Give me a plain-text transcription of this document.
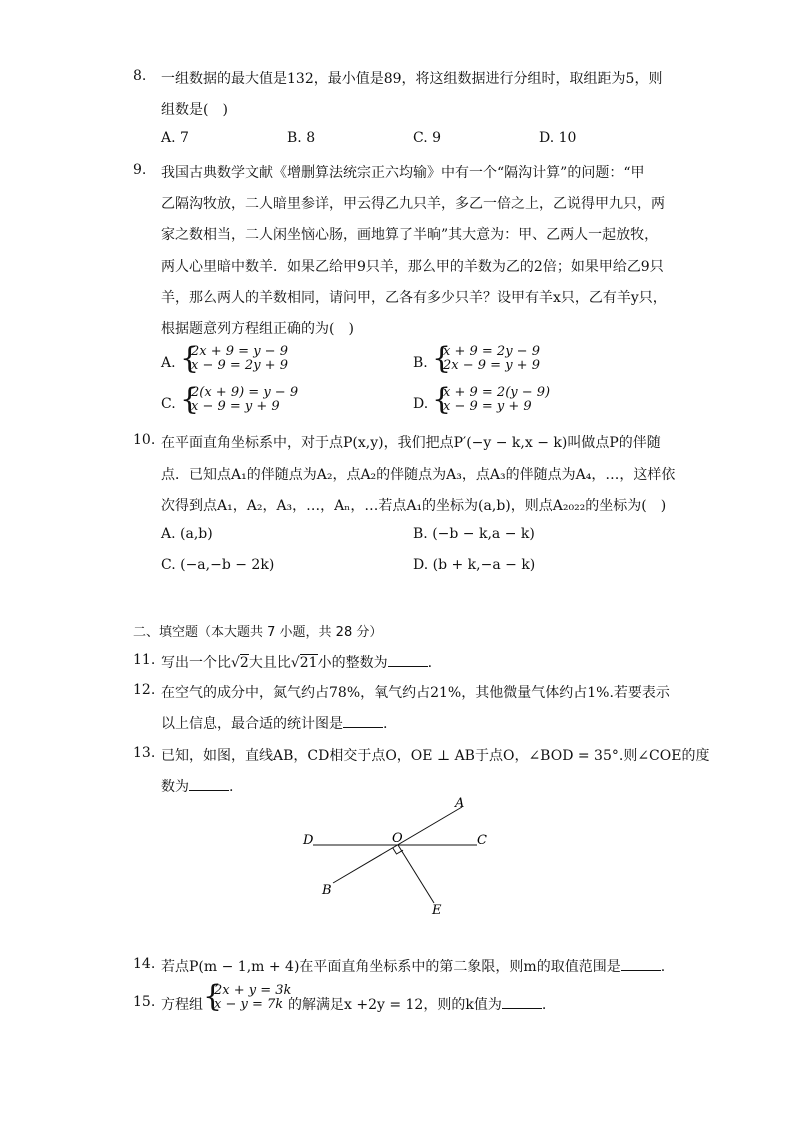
8. 一组数据的最大值是132，最小值是89，将这组数据进行分组时，取组距为5，则
组数是(　)
A. 7	B. 8	C. 9	D. 10
9. 我国古典数学文献《增删算法统宗正六均输》中有一个“隔沟计算”的问题：“甲
乙隔沟牧放，二人暗里参详，甲云得乙九只羊，多乙一倍之上，乙说得甲九只，两
家之数相当，二人闲坐恼心肠，画地算了半晌”其大意为：甲、乙两人一起放牧，
两人心里暗中数羊．如果乙给甲9只羊，那么甲的羊数为乙的2倍；如果甲给乙9只
羊，那么两人的羊数相同，请问甲，乙各有多少只羊？设甲有羊x只，乙有羊y只，
根据题意列方程组正确的为(　)
A. {
2x + 9 = y − 9
x − 9 = 2y + 9	B. {
x + 9 = 2y − 9
2x − 9 = y + 9
C. {
2(x + 9) = y − 9
x − 9 = y + 9	D. {
x + 9 = 2(y − 9)
x − 9 = y + 9
10. 在平面直角坐标系中，对于点P(x,y)，我们把点P′(−y − k,x − k)叫做点P的伴随
点．已知点A₁的伴随点为A₂，点A₂的伴随点为A₃，点A₃的伴随点为A₄，…，这样依
次得到点A₁，A₂，A₃，…，Aₙ，…若点A₁的坐标为(a,b)，则点A₂₀₂₂的坐标为(　)
A. (a,b)	B. (−b − k,a − k)
C. (−a,−b − 2k)	D. (b + k,−a − k)
二、填空题（本大题共 7 小题，共 28 分）
11. 写出一个比√2大且比√21小的整数为	.
12. 在空气的成分中，氮气约占78%，氧气约占21%，其他微量气体约占1%.若要表示
以上信息，最合适的统计图是	.
13. 已知，如图，直线AB，CD相交于点O，OE ⊥ AB于点O，∠BOD = 35°.则∠COE的度
数为	.
A
B
C
D	O
E
14. 若点P(m − 1,m + 4)在平面直角坐标系中的第二象限，则m的取值范围是	.
15. 方程组 {
2x + y = 3k
x − y = 7k 的解满足x +2y = 12，则的k值为	.
